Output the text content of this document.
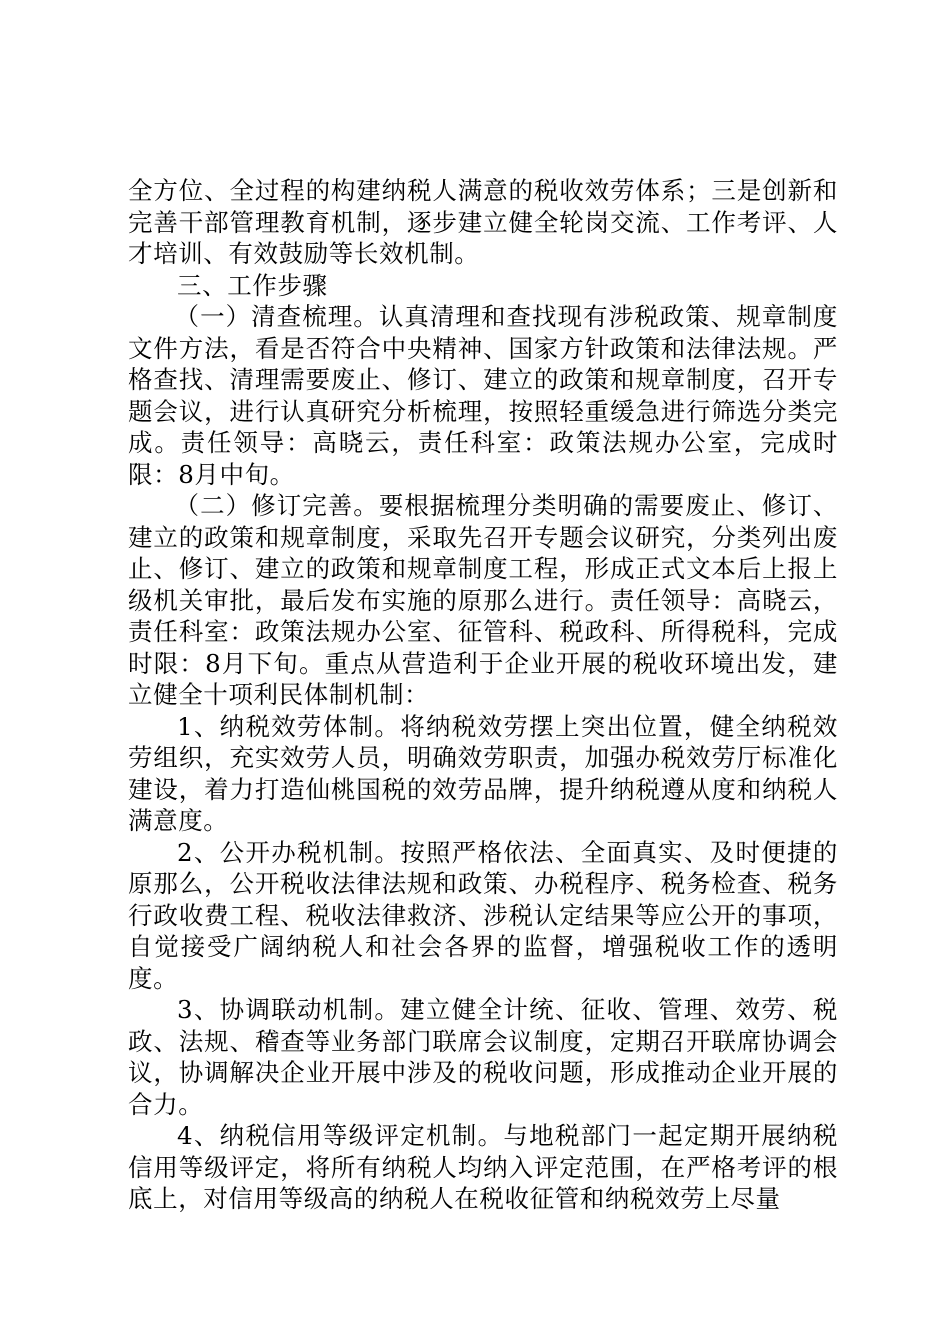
全方位、全过程的构建纳税人满意的税收效劳体系；三是创新和完善干部管理教育机制，逐步建立健全轮岗交流、工作考评、人才培训、有效鼓励等长效机制。

三、工作步骤

（一）清查梳理。认真清理和查找现有涉税政策、规章制度文件方法，看是否符合中央精神、国家方针政策和法律法规。严格查找、清理需要废止、修订、建立的政策和规章制度，召开专题会议，进行认真研究分析梳理，按照轻重缓急进行筛选分类完成。责任领导：高晓云，责任科室：政策法规办公室，完成时限：8月中旬。

（二）修订完善。要根据梳理分类明确的需要废止、修订、建立的政策和规章制度，采取先召开专题会议研究，分类列出废止、修订、建立的政策和规章制度工程，形成正式文本后上报上级机关审批，最后发布实施的原那么进行。责任领导：高晓云，责任科室：政策法规办公室、征管科、税政科、所得税科，完成时限：8月下旬。重点从营造利于企业开展的税收环境出发，建立健全十项利民体制机制：

1、纳税效劳体制。将纳税效劳摆上突出位置，健全纳税效劳组织，充实效劳人员，明确效劳职责，加强办税效劳厅标准化建设，着力打造仙桃国税的效劳品牌，提升纳税遵从度和纳税人满意度。

2、公开办税机制。按照严格依法、全面真实、及时便捷的原那么，公开税收法律法规和政策、办税程序、税务检查、税务行政收费工程、税收法律救济、涉税认定结果等应公开的事项，自觉接受广阔纳税人和社会各界的监督，增强税收工作的透明度。

3、协调联动机制。建立健全计统、征收、管理、效劳、税政、法规、稽查等业务部门联席会议制度，定期召开联席协调会议，协调解决企业开展中涉及的税收问题，形成推动企业开展的合力。

4、纳税信用等级评定机制。与地税部门一起定期开展纳税信用等级评定，将所有纳税人均纳入评定范围，在严格考评的根底上，对信用等级高的纳税人在税收征管和纳税效劳上尽量
